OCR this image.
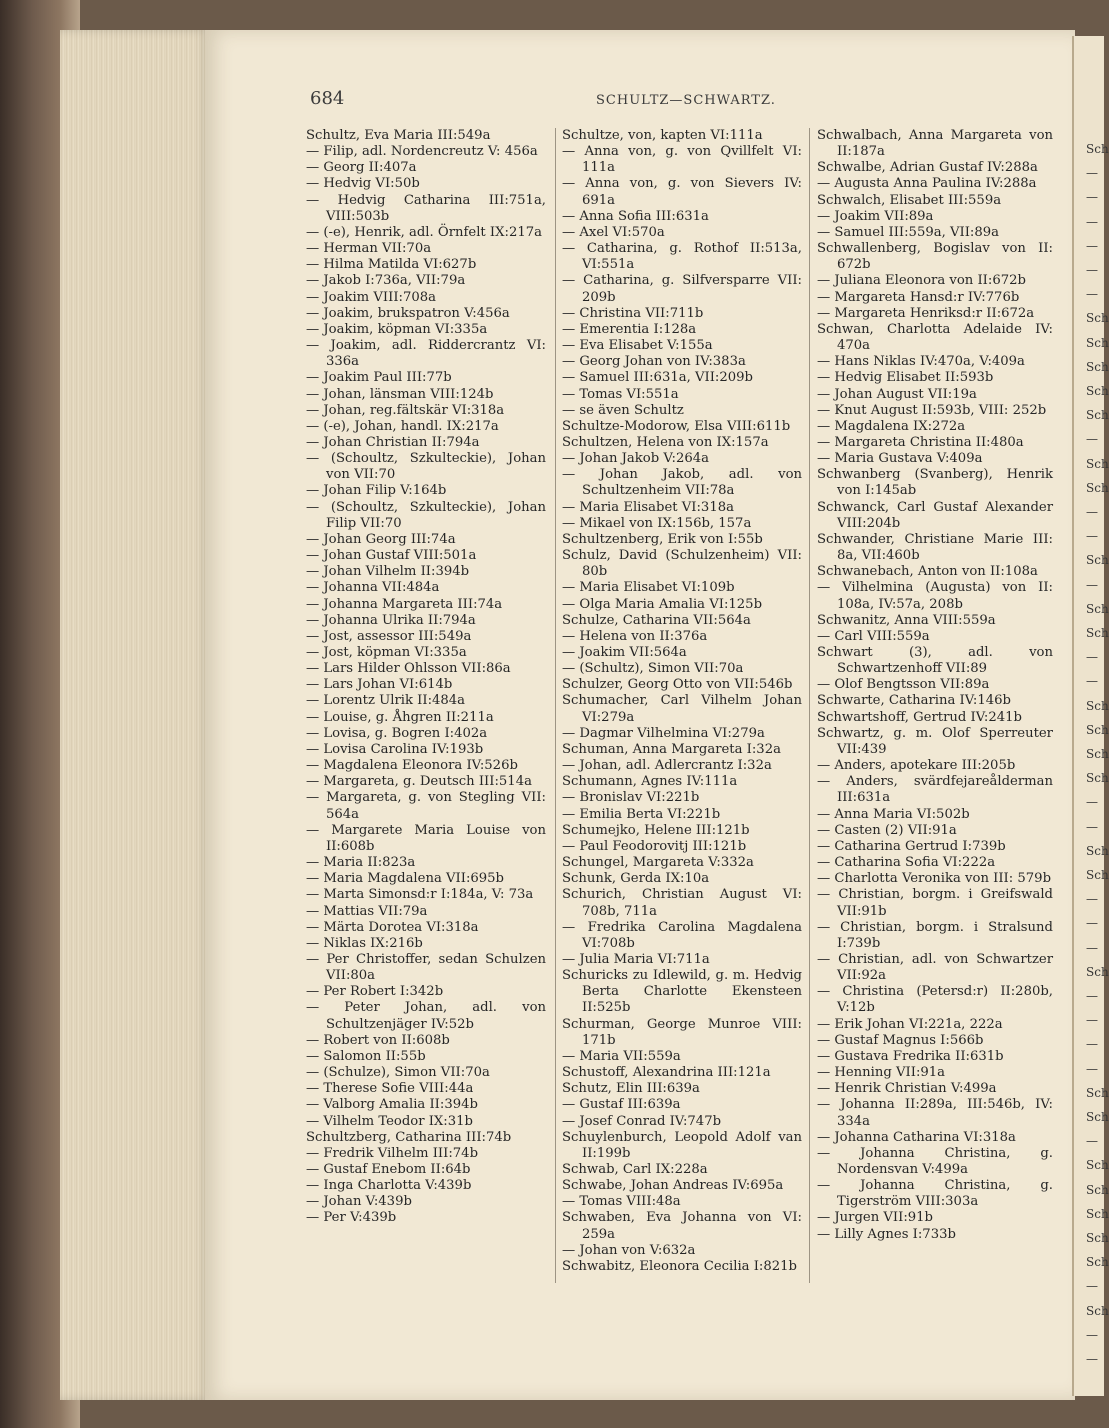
684	SCHULTZ—SCHWARTZ.
Schultz, Eva Maria III:549a
— Filip, adl. Nordencreutz V: 456a
— Georg II:407a
— Hedvig VI:50b
— Hedvig Catharina III:751a, VIII:503b
— (-e), Henrik, adl. Örnfelt IX:217a
— Herman VII:70a
— Hilma Matilda VI:627b
— Jakob I:736a, VII:79a
— Joakim VIII:708a
— Joakim, brukspatron V:456a
— Joakim, köpman VI:335a
— Joakim, adl. Riddercrantz VI: 336a
— Joakim Paul III:77b
— Johan, länsman VIII:124b
— Johan, reg.fältskär VI:318a
— (-e), Johan, handl. IX:217a
— Johan Christian II:794a
— (Schoultz, Szkulteckie), Johan von VII:70
— Johan Filip V:164b
— (Schoultz, Szkulteckie), Johan Filip VII:70
— Johan Georg III:74a
— Johan Gustaf VIII:501a
— Johan Vilhelm II:394b
— Johanna VII:484a
— Johanna Margareta III:74a
— Johanna Ulrika II:794a
— Jost, assessor III:549a
— Jost, köpman VI:335a
— Lars Hilder Ohlsson VII:86a
— Lars Johan VI:614b
— Lorentz Ulrik II:484a
— Louise, g. Åhgren II:211a
— Lovisa, g. Bogren I:402a
— Lovisa Carolina IV:193b
— Magdalena Eleonora IV:526b
— Margareta, g. Deutsch III:514a
— Margareta, g. von Stegling VII: 564a
— Margarete Maria Louise von II:608b
— Maria II:823a
— Maria Magdalena VII:695b
— Marta Simonsd:r I:184a, V: 73a
— Mattias VII:79a
— Märta Dorotea VI:318a
— Niklas IX:216b
— Per Christoffer, sedan Schulzen VII:80a
— Per Robert I:342b
— Peter Johan, adl. von Schultzenjäger IV:52b
— Robert von II:608b
— Salomon II:55b
— (Schulze), Simon VII:70a
— Therese Sofie VIII:44a
— Valborg Amalia II:394b
— Vilhelm Teodor IX:31b
Schultzberg, Catharina III:74b
— Fredrik Vilhelm III:74b
— Gustaf Enebom II:64b
— Inga Charlotta V:439b
— Johan V:439b
— Per V:439b
Schultze, von, kapten VI:111a
— Anna von, g. von Qvillfelt VI: 111a
— Anna von, g. von Sievers IV: 691a
— Anna Sofia III:631a
— Axel VI:570a
— Catharina, g. Rothof II:513a, VI:551a
— Catharina, g. Silfversparre VII: 209b
— Christina VII:711b
— Emerentia I:128a
— Eva Elisabet V:155a
— Georg Johan von IV:383a
— Samuel III:631a, VII:209b
— Tomas VI:551a
— se även Schultz
Schultze-Modorow, Elsa VIII:611b
Schultzen, Helena von IX:157a
— Johan Jakob V:264a
— Johan Jakob, adl. von Schultzenheim VII:78a
— Maria Elisabet VI:318a
— Mikael von IX:156b, 157a
Schultzenberg, Erik von I:55b
Schulz, David (Schulzenheim) VII: 80b
— Maria Elisabet VI:109b
— Olga Maria Amalia VI:125b
Schulze, Catharina VII:564a
— Helena von II:376a
— Joakim VII:564a
— (Schultz), Simon VII:70a
Schulzer, Georg Otto von VII:546b
Schumacher, Carl Vilhelm Johan VI:279a
— Dagmar Vilhelmina VI:279a
Schuman, Anna Margareta I:32a
— Johan, adl. Adlercrantz I:32a
Schumann, Agnes IV:111a
— Bronislav VI:221b
— Emilia Berta VI:221b
Schumejko, Helene III:121b
— Paul Feodorovitj III:121b
Schungel, Margareta V:332a
Schunk, Gerda IX:10a
Schurich, Christian August VI: 708b, 711a
— Fredrika Carolina Magdalena VI:708b
— Julia Maria VI:711a
Schuricks zu Idlewild, g. m. Hedvig Berta Charlotte Ekensteen II:525b
Schurman, George Munroe VIII: 171b
— Maria VII:559a
Schustoff, Alexandrina III:121a
Schutz, Elin III:639a
— Gustaf III:639a
— Josef Conrad IV:747b
Schuylenburch, Leopold Adolf van II:199b
Schwab, Carl IX:228a
Schwabe, Johan Andreas IV:695a
— Tomas VIII:48a
Schwaben, Eva Johanna von VI: 259a
— Johan von V:632a
Schwabitz, Eleonora Cecilia I:821b
Schwalbach, Anna Margareta von II:187a
Schwalbe, Adrian Gustaf IV:288a
— Augusta Anna Paulina IV:288a
Schwalch, Elisabet III:559a
— Joakim VII:89a
— Samuel III:559a, VII:89a
Schwallenberg, Bogislav von II: 672b
— Juliana Eleonora von II:672b
— Margareta Hansd:r IV:776b
— Margareta Henriksd:r II:672a
Schwan, Charlotta Adelaide IV: 470a
— Hans Niklas IV:470a, V:409a
— Hedvig Elisabet II:593b
— Johan August VII:19a
— Knut August II:593b, VIII: 252b
— Magdalena IX:272a
— Margareta Christina II:480a
— Maria Gustava V:409a
Schwanberg (Svanberg), Henrik von I:145ab
Schwanck, Carl Gustaf Alexander VIII:204b
Schwander, Christiane Marie III: 8a, VII:460b
Schwanebach, Anton von II:108a
— Vilhelmina (Augusta) von II: 108a, IV:57a, 208b
Schwanitz, Anna VIII:559a
— Carl VIII:559a
Schwart (3), adl. von Schwartzenhoff VII:89
— Olof Bengtsson VII:89a
Schwarte, Catharina IV:146b
Schwartshoff, Gertrud IV:241b
Schwartz, g. m. Olof Sperreuter VII:439
— Anders, apotekare III:205b
— Anders, svärdfejareålderman III:631a
— Anna Maria VI:502b
— Casten (2) VII:91a
— Catharina Gertrud I:739b
— Catharina Sofia VI:222a
— Charlotta Veronika von III: 579b
— Christian, borgm. i Greifswald VII:91b
— Christian, borgm. i Stralsund I:739b
— Christian, adl. von Schwartzer VII:92a
— Christina (Petersd:r) II:280b, V:12b
— Erik Johan VI:221a, 222a
— Gustaf Magnus I:566b
— Gustava Fredrika II:631b
— Henning VII:91a
— Henrik Christian V:499a
— Johanna II:289a, III:546b, IV: 334a
— Johanna Catharina VI:318a
— Johanna Christina, g. Nordensvan V:499a
— Johanna Christina, g. Tigerström VIII:303a
— Jurgen VII:91b
— Lilly Agnes I:733b
Sch
—
—
—
—
—
—
Sch
Sch
Sch
Sch
Sch
—
Sch
Sch
—
—
Sch
—
Sch
Sch
—
—
Sch
Sch
Sch
Sch
—
—
Sch
Sch
—
—
—
Sch
—
—
—
—
Sch
Sch
—
Sch
Sch
Sch
Sch
Sch
—
Sch
—
—
